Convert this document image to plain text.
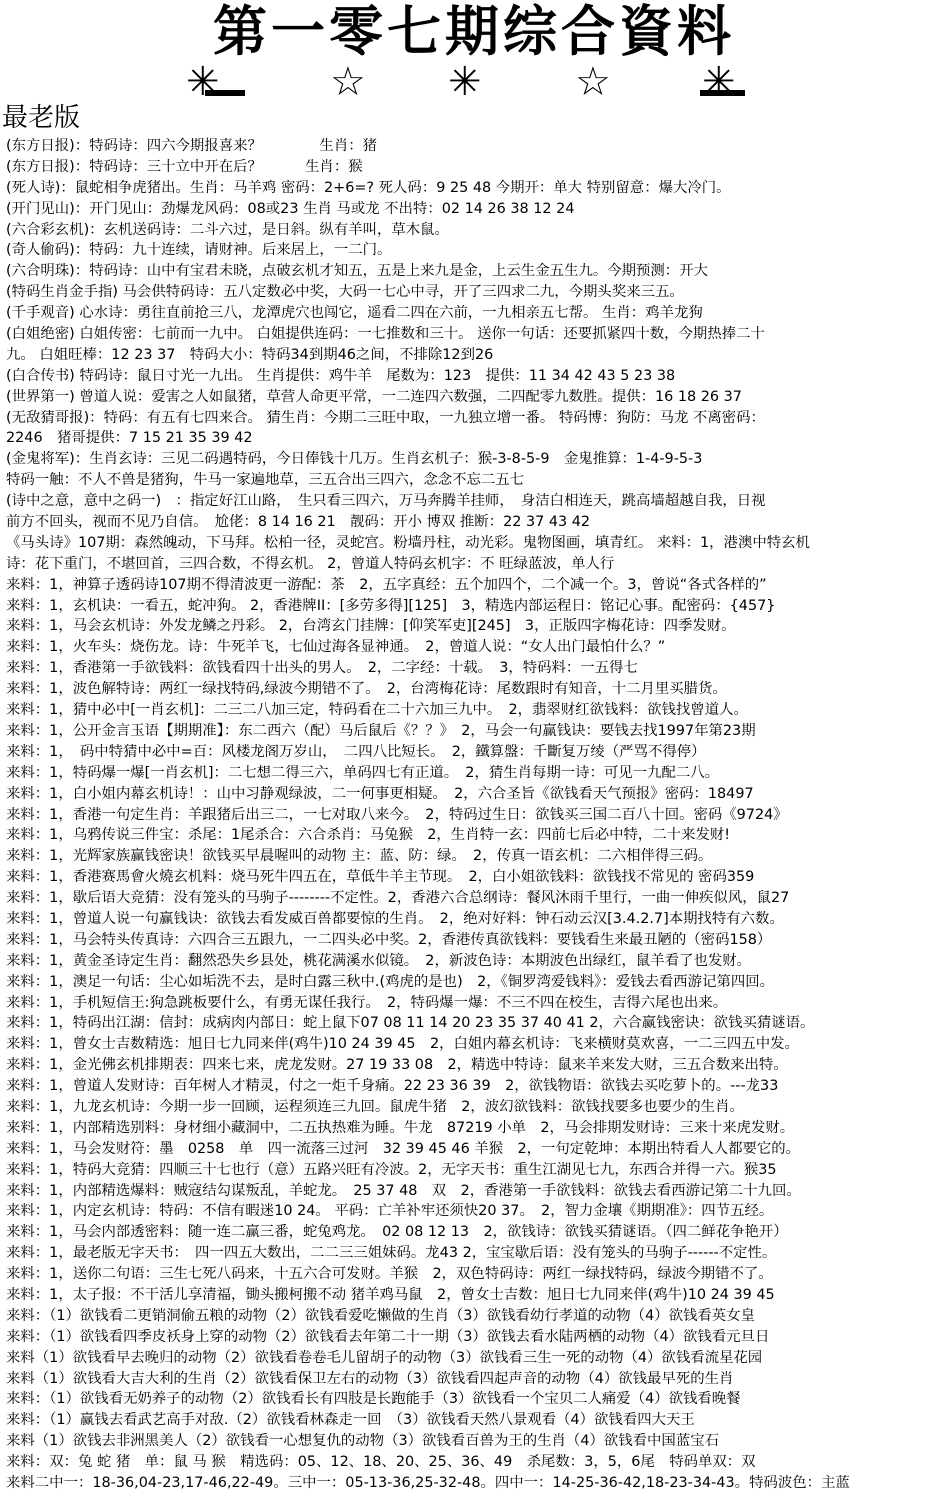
第一零七期综合資料
✳	☆ ✳ ☆ ✳
最老版
(东方日报)：特码诗：四六今期报喜来？　　　　生肖：猪
(东方日报)：特码诗：三十立中开在后？　　　生肖：猴
(死人诗)：鼠蛇相争虎猪出。生肖：马羊鸡 密码：2+6=? 死人码：9 25 48 今期开：单大 特别留意：爆大冷门。
(开门见山)：开门见山：劲爆龙风码：08或23 生肖 马或龙 不出特：02 14 26 38 12 24
(六合彩玄机)：玄机送码诗：二斗六过，是日斜。纵有羊叫，草木鼠。
(奇人偷码)：特码：九十连续，请财神。后来居上，一二门。
(六合明珠)：特码诗：山中有宝君未晓，点破玄机才知五，五是上来九是金，上云生金五生九。今期预测：开大
(特码生肖金手指) 马会供特码诗：五八定数必中奖，大码一七心中寻，开了三四求二九，今期头奖来三五。
(千手观音) 心水诗：勇往直前抢三八，龙潭虎穴也闯它，遥看二四在六前，一九相亲五七帮。 生肖：鸡羊龙狗
(白姐绝密) 白姐传密：七前而一九中。 白姐提供连码：一七推数和三十。 送你一句话：还要抓紧四十数，今期热捧二十
九。 白姐旺棒：12 23 37　特码大小：特码34到期46之间，不排除12到26
(白合传书) 特码诗：鼠日寸光一九出。 生肖提供：鸡牛羊　尾数为：123　提供：11 34 42 43 5 23 38
(世界第一) 曾道人说：爱害之人如鼠猪，草营人命更平常，一二连四六数强，二四配零九数胜。提供：16 18 26 37
(无敌猜哥报)：特码：有五有七四来合。 猜生肖：今期二三旺中取，一九独立增一番。 特码博：狗防：马龙 不离密码：
2246　猪哥提供：7 15 21 35 39 42
(金鬼将军)：生肖玄诗：三见二码遇特码，今日俸钱十几万。生肖玄机子：猴-3-8-5-9　金鬼推算：1-4-9-5-3
特码一触：不人不兽是猪狗，牛马一家遍地草，三五合出三四六，念念不忘二五七
(诗中之意，意中之码一)　：指定好江山路，　生只看三四六，万马奔腾羊挂师，　身洁白相连天，跳高墙超越自我，日视
前方不回头，视而不见乃自信。　尬佬：8 14 16 21　靓码：开小 博双 推断：22 37 43 42
《马头诗》107期：森然魄动，下马拜。松柏一径，灵蛇宫。粉墙丹柱，动光彩。鬼物图画，填青红。 来料：1，港澳中特玄机
诗：花下重门，不堪回首，三四合数，不得玄机。 2，曾道人特码玄机字：不 旺绿蓝波，单人行
来料：1，神算子透码诗107期不得清波更一游配：茶　2，五字真经：五个加四个，二个减一个。3，曾说“各式各样的”
来料：1，玄机诀：一看五，蛇冲狗。 2，香港牌II：[多劳多得][125]　3，精选内部运程日：铭记心事。配密码：{457}
来料：1，马会玄机诗：外发龙鳞之丹彩。 2，台湾玄门挂牌：[仰笑军吏][245]　3，正版四字梅花诗：四季发财。
来料：1，火车头：烧伤龙。诗：牛死羊飞，七仙过海各显神通。　2，曾道人说：“女人出门最怕什么？”
来料：1，香港第一手欲钱料：欲钱看四十出头的男人。　2，二字经：十载。　3，特码料：一五得七
来料：1，波色解特诗：两红一绿找特码,绿波今期错不了。　2，台湾梅花诗：尾数跟时有知音，十二月里买腊货。
来料：1，猜中必中[一肖玄机]：二三二八加三定，特码看在二十六加三九中。　2，翡翠财红欲钱料：欲钱找曾道人。
来料：1，公开金言玉语【期期准】：东二西六（配）马后鼠后《？？》　2，马会一句赢钱诀：要钱去找1997年第23期
来料：1，　码中特猜中必中=百：风楼龙阁万岁山，　二四八比短长。　2，鐵算盤：千斷复万绫（严骂不得停）
来料：1，特码爆一爆[一肖玄机]：二七想二得三六，单码四七有正道。　2，猜生肖每期一诗：可见一九配二八。
来料：1，白小姐内幕玄机诗！：山中习静观绿波，二一何事更相疑。　2，六合圣旨《欲钱看天气预报》密码：18497
来料：1，香港一句定生肖：羊跟猪后出三二，一七对取八来今。　2，特码过生日：欲钱买三国二百八十回。密码《9724》
来料：1，乌鸦传说三件宝：杀尾：1尾杀合：六合杀肖：马兔猴　2，生肖特一玄：四前七后必中特，二十来发财!
来料：1，光辉家族赢钱密诀！欲钱买早晨喔叫的动物 主：蓝、防：绿。　2，传真一语玄机：二六相伴得三码。
来料：1，香港赛馬會火燒玄机料：烧马死牛四五在，草低牛羊主节现。　2，白小姐欲钱料：欲钱找不常见的 密码359
来料：1，歇后语大竞猜：没有笼头的马驹子--------不定性。2，香港六合总纲诗：餐风沐雨千里行，一曲一伸疾似风，鼠27
来料：1，曾道人说一句赢钱诀：欲钱去看发威百兽都要惊的生肖。　2，绝对好料：钟石动云汉[3.4.2.7]本期找特有六数。
来料：1，马会特头传真诗：六四合三五跟九，一二四头必中奖。2，香港传真欲钱料：要钱看生来最丑陋的（密码158）
来料：1，黄金圣诗定生肖：翻然恐失乡县处，桃花满溪水似镜。　2，新波色诗：本期波色出绿红，鼠羊看了也发财。
来料：1，澳足一句话：尘心如垢洗不去，是时白露三秋中.(鸡虎的是也)　2，《铜罗湾爱钱料》：爱钱去看西游记第四回。
来料：1，手机短信王:狗急跳板要什么，有勇无谋任我行。　2，特码爆一爆：不三不四在校生，吉得六尾也出来。
来料：1，特码出江湖：信封：成病肉内部日：蛇上鼠下07 08 11 14 20 23 35 37 40 41 2，六合赢钱密诀：欲钱买猜谜语。
来料：1，曾女士吉数精选：旭日七九同来伴(鸡牛)10 24 39 45　2，白姐内幕玄机诗：飞来横财莫欢喜，一二三四五中发。
来料：1，金光佛玄机排期表：四来七来，虎龙发财。27 19 33 08　2，精选中特诗：鼠来羊来发大财，三五合数来出特。
来料：1，曾道人发财诗：百年树人才精灵，付之一炬千身痛。22 23 36 39　2，欲钱物语：欲钱去买吃萝卜的。---龙33
来料：1，九龙玄机诗：今期一步一回顾，运程须连三九回。鼠虎牛猪　2，波幻欲钱料：欲钱找要多也要少的生肖。
来料：1，内部精选别料：身材细小藏洞中，二五执热难为睡。牛龙　87219 小单　2，马会排期发财诗：三来十来虎发财。
来料：1，马会发财符：墨　0258　单　四一流落三过河　32 39 45 46 羊猴　2，一句定乾坤：本期出特看人人都要它的。
来料：1，特码大竞猜：四顺三十七也行（意）五路兴旺有冷波。2，无字天书：重生江湖见七九，东西合并得一六。猴35
来料：1，内部精选爆料：贼寇结勾谋叛乱，羊蛇龙。　25 37 48　双　2，香港第一手欲钱料：欲钱去看西游记第二十九回。
来料：1，内定玄机诗：特码：不信有暇迷10 24。 平码：亡羊补牢还须快20 37。　2，智力金壤《期期准》：四节五经。
来料：1，马会内部透密料：随一连二赢三番，蛇兔鸡龙。　02 08 12 13　2，欲钱诗：欲钱买猜谜语。（四二鲜花争艳开）
来料：1，最老版无字天书：　四一四五大数出，二二三三姐妹码。龙43 2，宝宝歇后语：没有笼头的马驹子------不定性。
来料：1，送你二句语：三生七死八码来，十五六合可发财。羊猴　2，双色特码诗：两红一绿找特码，绿波今期错不了。
来料：1，太子报：不干活儿享清福，锄头搬柯搬不动 猪羊鸡马鼠　2，曾女士吉数：旭日七九同来伴(鸡牛)10 24 39 45
来料：（1）欲钱看二更销洞偷五粮的动物（2）欲钱看爱吃懒做的生肖（3）欲钱看幼行孝道的动物（4）欲钱看英女皇
来料：（1）欲钱看四季皮袄身上穿的动物（2）欲钱看去年第二十一期（3）欲钱去看水陆两栖的动物（4）欲钱看元旦日
来料（1）欲钱看早去晚归的动物（2）欲钱看卷卷毛儿留胡子的动物（3）欲钱看三生一死的动物（4）欲钱看流星花园
来料（1）欲钱看大吉大利的生肖（2）欲钱看保卫左右的动物（3）欲钱看四起声音的动物（4）欲钱最早死的生肖
来料：（1）欲钱看无奶养子的动物（2）欲钱看长有四肢是长跑能手（3）欲钱看一个宝贝二人痛爱（4）欲钱看晚餐
来料：（1）赢钱去看武艺高手对敌.（2）欲钱看林森走一回　（3）欲钱看天然八景观看（4）欲钱看四大天王
来料（1）欲钱去非洲黑美人（2）欲钱看一心想复仇的动物（3）欲钱看百兽为王的生肖（4）欲钱看中国蓝宝石
来料：双：兔 蛇 猪　单：鼠 马 猴　精选码：05、12、18、20、25、36、49　杀尾数：3，5，6尾　特码单双：双
来料二中一：18-36,04-23,17-46,22-49。三中一：05-13-36,25-32-48。四中一：14-25-36-42,18-23-34-43。特码波色：主蓝
